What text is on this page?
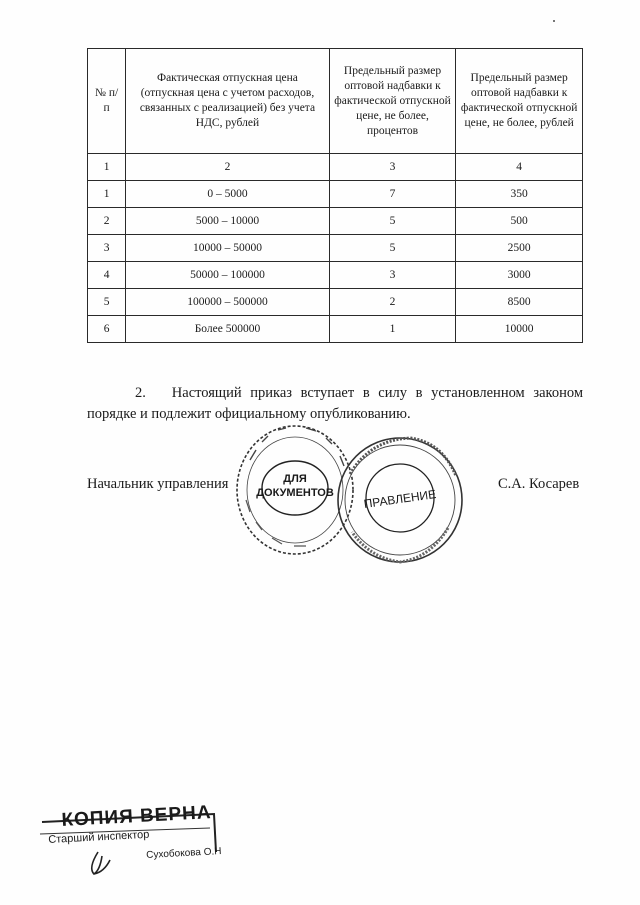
№ п/п	Фактическая отпускная цена (отпускная цена с учетом расходов, связанных с реализацией) без учета НДС, рублей	Предельный размер оптовой надбавки к фактической отпускной цене, не более, процентов	Предельный размер оптовой надбавки к фактической отпускной цене, не более, рублей
1	2	3	4
1	0 – 5000	7	350
2	5000 – 10000	5	500
3	10000 – 50000	5	2500
4	50000 – 100000	3	3000
5	100000 – 500000	2	8500
6	Более 500000	1	10000

2. Настоящий приказ вступает в силу в установленном законом порядке и подлежит официальному опубликованию.

Начальник управления	С.А. Косарев
ДЛЯ
ДОКУМЕНТОВ ПРАВЛЕНИЕ
КОПИЯ ВЕРНА
Старший инспектор
Сухобокова О.Н
